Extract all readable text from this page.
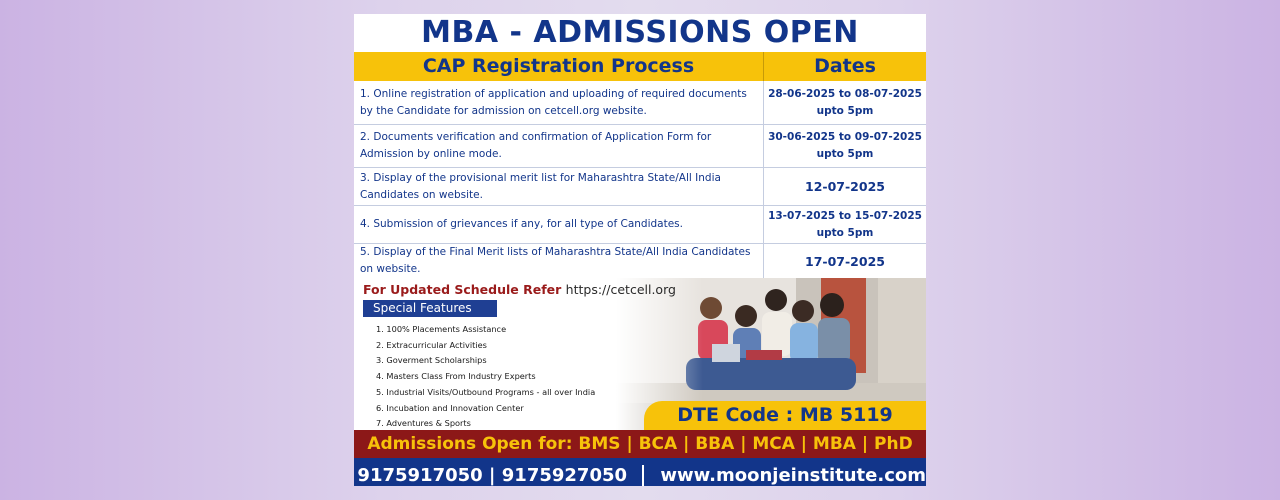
MBA - ADMISSIONS OPEN
CAP Registration Process	Dates
1. Online registration of application and uploading of required documents by the Candidate for admission on cetcell.org website.
28-06-2025 to 08-07-2025 upto 5pm
2. Documents verification and confirmation of Application Form for Admission by online mode.
30-06-2025 to 09-07-2025 upto 5pm
3. Display of the provisional merit list for Maharashtra State/All India Candidates on website.
12-07-2025
4. Submission of grievances if any, for all type of Candidates.
13-07-2025 to 15-07-2025 upto 5pm
5. Display of the Final Merit lists of Maharashtra State/All India Candidates on website.
17-07-2025
For Updated Schedule Refer https://cetcell.org
Special Features
1. 100% Placements Assistance
2. Extracurricular Activities
3. Goverment Scholarships
4. Masters Class From Industry Experts
5. Industrial Visits/Outbound Programs - all over India
6. Incubation and Innovation Center
7. Adventures & Sports	DTE Code : MB 5119
Admissions Open for: BMS | BCA | BBA | MCA | MBA | PhD
9175917050 | 9175927050 www.moonjeinstitute.com
